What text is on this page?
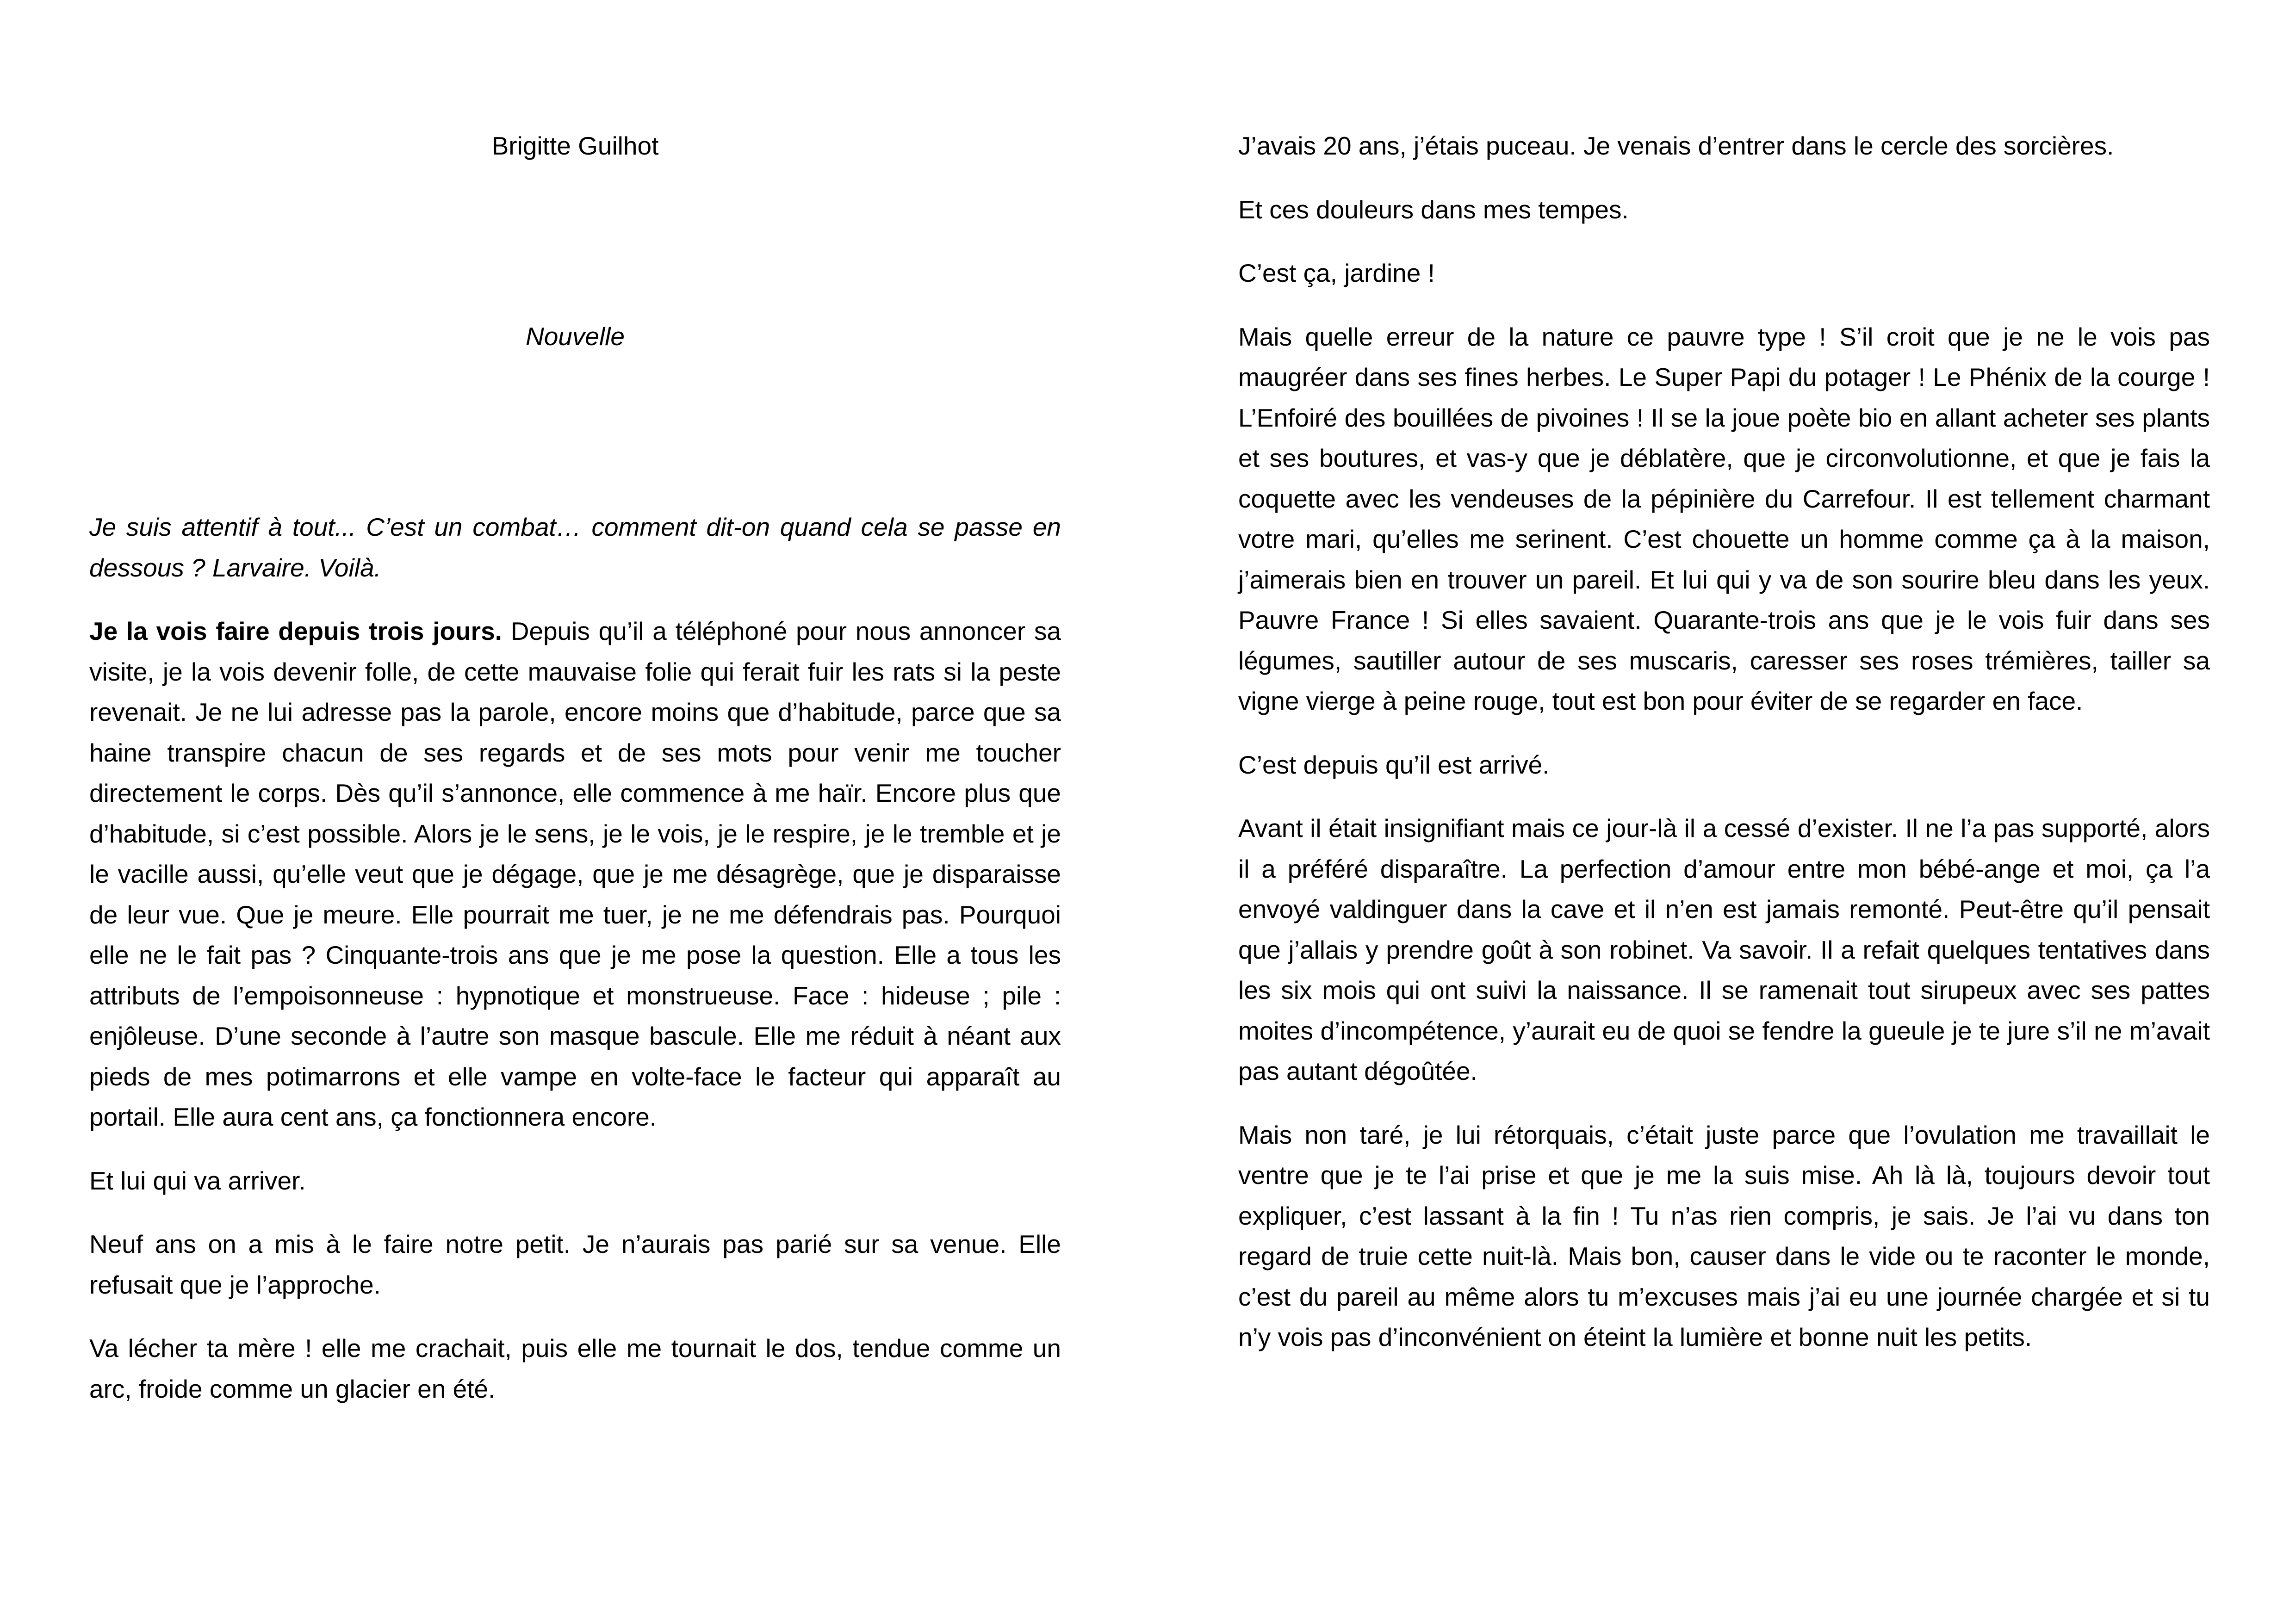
Brigitte Guilhot

Nouvelle

Je suis attentif à tout... C’est un combat… comment dit-on quand cela se passe en dessous ? Larvaire. Voilà.

Je la vois faire depuis trois jours. Depuis qu’il a téléphoné pour nous annoncer sa visite, je la vois devenir folle, de cette mauvaise folie qui ferait fuir les rats si la peste revenait. Je ne lui adresse pas la parole, encore moins que d’habitude, parce que sa haine transpire chacun de ses regards et de ses mots pour venir me toucher directement le corps. Dès qu’il s’annonce, elle commence à me haïr. Encore plus que d’habitude, si c’est possible. Alors je le sens, je le vois, je le respire, je le tremble et je le vacille aussi, qu’elle veut que je dégage, que je me désagrège, que je disparaisse de leur vue. Que je meure. Elle pourrait me tuer, je ne me défendrais pas. Pourquoi elle ne le fait pas ? Cinquante-trois ans que je me pose la question. Elle a tous les attributs de l’empoisonneuse : hypnotique et monstrueuse. Face : hideuse ; pile : enjôleuse. D’une seconde à l’autre son masque bascule. Elle me réduit à néant aux pieds de mes potimarrons et elle vampe en volte-face le facteur qui apparaît au portail. Elle aura cent ans, ça fonctionnera encore.

Et lui qui va arriver.

Neuf ans on a mis à le faire notre petit. Je n’aurais pas parié sur sa venue. Elle refusait que je l’approche.

Va lécher ta mère ! elle me crachait, puis elle me tournait le dos, tendue comme un arc, froide comme un glacier en été.

J’avais 20 ans, j’étais puceau. Je venais d’entrer dans le cercle des sorcières.

Et ces douleurs dans mes tempes.

C’est ça, jardine !

Mais quelle erreur de la nature ce pauvre type ! S’il croit que je ne le vois pas maugréer dans ses fines herbes. Le Super Papi du potager ! Le Phénix de la courge ! L’Enfoiré des bouillées de pivoines ! Il se la joue poète bio en allant acheter ses plants et ses boutures, et vas-y que je déblatère, que je circonvolutionne, et que je fais la coquette avec les vendeuses de la pépinière du Carrefour. Il est tellement charmant votre mari, qu’elles me serinent. C’est chouette un homme comme ça à la maison, j’aimerais bien en trouver un pareil. Et lui qui y va de son sourire bleu dans les yeux. Pauvre France ! Si elles savaient. Quarante-trois ans que je le vois fuir dans ses légumes, sautiller autour de ses muscaris, caresser ses roses trémières, tailler sa vigne vierge à peine rouge, tout est bon pour éviter de se regarder en face.

C’est depuis qu’il est arrivé.

Avant il était insignifiant mais ce jour-là il a cessé d’exister. Il ne l’a pas supporté, alors il a préféré disparaître. La perfection d’amour entre mon bébé-ange et moi, ça l’a envoyé valdinguer dans la cave et il n’en est jamais remonté. Peut-être qu’il pensait que j’allais y prendre goût à son robinet. Va savoir. Il a refait quelques tentatives dans les six mois qui ont suivi la naissance. Il se ramenait tout sirupeux avec ses pattes moites d’incompétence, y’aurait eu de quoi se fendre la gueule je te jure s’il ne m’avait pas autant dégoûtée.

Mais non taré, je lui rétorquais, c’était juste parce que l’ovulation me travaillait le ventre que je te l’ai prise et que je me la suis mise. Ah là là, toujours devoir tout expliquer, c’est lassant à la fin ! Tu n’as rien compris, je sais. Je l’ai vu dans ton regard de truie cette nuit-là. Mais bon, causer dans le vide ou te raconter le monde, c’est du pareil au même alors tu m’excuses mais j’ai eu une journée chargée et si tu n’y vois pas d’inconvénient on éteint la lumière et bonne nuit les petits.
